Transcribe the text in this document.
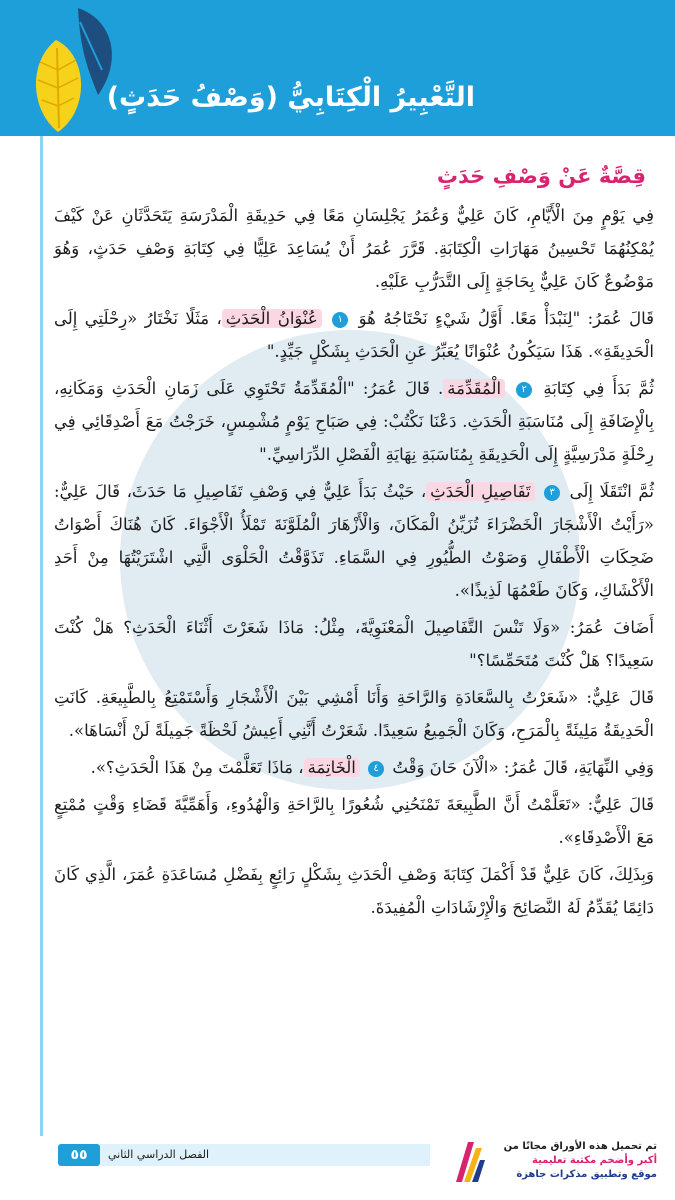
التَّعْبِيرُ الْكِتَابِيُّ (وَصْفُ حَدَثٍ)
قِصَّةٌ عَنْ وَصْفِ حَدَثٍ

فِي يَوْمٍ مِنَ الْأَيَّامِ، كَانَ عَلِيٌّ وَعُمَرُ يَجْلِسَانِ مَعًا فِي حَدِيقَةِ الْمَدْرَسَةِ يَتَحَدَّثَانِ عَنْ كَيْفَ يُمْكِنُهُمَا تَحْسِينُ مَهَارَاتِ الْكِتَابَةِ. قَرَّرَ عُمَرُ أَنْ يُسَاعِدَ عَلِيًّا فِي كِتَابَةِ وَصْفِ حَدَثٍ، وَهُوَ مَوْضُوعٌ كَانَ عَلِيٌّ بِحَاجَةٍ إِلَى التَّدَرُّبِ عَلَيْهِ.

قَالَ عُمَرُ: "لِنَبْدَأْ مَعًا. أَوَّلُ شَيْءٍ نَحْتَاجُهُ هُوَ ١ عُنْوَانُ الْحَدَثِ، مَثَلًا نَخْتَارُ «رِحْلَتِي إِلَى الْحَدِيقَةِ». هَذَا سَيَكُونُ عُنْوَانًا يُعَبِّرُ عَنِ الْحَدَثِ بِشَكْلٍ جَيِّدٍ."

ثُمَّ بَدَأَ فِي كِتَابَةِ ٢ الْمُقَدِّمَة. قَالَ عُمَرُ: "الْمُقَدِّمَةُ تَحْتَوِي عَلَى زَمَانِ الْحَدَثِ وَمَكَانِهِ، بِالْإِضَافَةِ إِلَى مُنَاسَبَةِ الْحَدَثِ. دَعْنَا نَكْتُبْ: فِي صَبَاحِ يَوْمٍ مُشْمِسٍ، خَرَجْتُ مَعَ أَصْدِقَائِي فِي رِحْلَةٍ مَدْرَسِيَّةٍ إِلَى الْحَدِيقَةِ بِمُنَاسَبَةِ نِهَايَةِ الْفَصْلِ الدِّرَاسِيِّ."

ثُمَّ انْتَقَلَا إِلَى ٣ تَفَاصِيلِ الْحَدَثِ، حَيْثُ بَدَأَ عَلِيٌّ فِي وَصْفِ تَفَاصِيلِ مَا حَدَثَ، قَالَ عَلِيٌّ: «رَأَيْتُ الْأَشْجَارَ الْخَضْرَاءَ تُزَيِّنُ الْمَكَانَ، وَالْأَزْهَارَ الْمُلَوَّنَةَ تَمْلَأُ الْأَجْوَاءَ. كَانَ هُنَاكَ أَصْوَاتُ ضَحِكَاتِ الْأَطْفَالِ وَصَوْتُ الطُّيُورِ فِي السَّمَاءِ. تَذَوَّقْتُ الْحَلْوَى الَّتِي اشْتَرَيْتُهَا مِنْ أَحَدِ الْأَكْشَاكِ، وَكَانَ طَعْمُهَا لَذِيذًا».

أَضَافَ عُمَرُ: «وَلَا تَنْسَ التَّفَاصِيلَ الْمَعْنَوِيَّةَ، مِثْلُ: مَاذَا شَعَرْتَ أَثْنَاءَ الْحَدَثِ؟ هَلْ كُنْتَ سَعِيدًا؟ هَلْ كُنْتَ مُتَحَمِّسًا؟"

قَالَ عَلِيٌّ: «شَعَرْتُ بِالسَّعَادَةِ وَالرَّاحَةِ وَأَنَا أَمْشِي بَيْنَ الْأَشْجَارِ وَأَسْتَمْتِعُ بِالطَّبِيعَةِ. كَانَتِ الْحَدِيقَةُ مَلِيئَةً بِالْمَرَحِ، وَكَانَ الْجَمِيعُ سَعِيدًا. شَعَرْتُ أَنَّنِي أَعِيشُ لَحْظَةً جَمِيلَةً لَنْ أَنْسَاهَا».

وَفِي النِّهَايَةِ، قَالَ عُمَرُ: «الْآنَ حَانَ وَقْتُ ٤ الْخَاتِمَة، مَاذَا تَعَلَّمْتَ مِنْ هَذَا الْحَدَثِ؟».

قَالَ عَلِيٌّ: «تَعَلَّمْتُ أَنَّ الطَّبِيعَةَ تَمْنَحُنِي شُعُورًا بِالرَّاحَةِ وَالْهُدُوءِ، وَأَهَمِّيَّةَ قَضَاءِ وَقْتٍ مُمْتِعٍ مَعَ الْأَصْدِقَاءِ».

وَبِذَلِكَ، كَانَ عَلِيٌّ قَدْ أَكْمَلَ كِتَابَةَ وَصْفِ الْحَدَثِ بِشَكْلٍ رَائِعٍ بِفَضْلِ مُسَاعَدَةِ عُمَرَ، الَّذِي كَانَ دَائِمًا يُقَدِّمُ لَهُ النَّصَائِحَ وَالْإِرْشَادَاتِ الْمُفِيدَةَ.

٥٥	الفصل الدراسي الثاني
تم تحميل هذه الأوراق مجانًا من
أكبر وأضخم مكتبة تعليمية
موقع وتطبيق مذكرات جاهزة
